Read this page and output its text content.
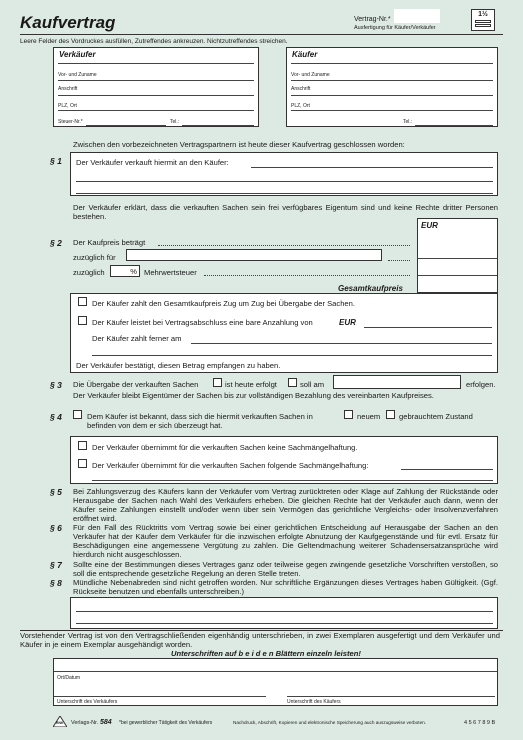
Kaufvertrag	Vertrag-Nr.*
Ausfertigung für Käufer/Verkäufer
1½
Leere Felder des Vordruckes ausfüllen, Zutreffendes ankreuzen. Nichtzutreffendes streichen.
Verkäufer
Vor- und Zuname
Anschrift
PLZ, Ort
Steuer-Nr.*	Tel.:
Käufer
Vor- und Zuname
Anschrift
PLZ, Ort
Tel.:
Zwischen den vorbezeichneten Vertragspartnern ist heute dieser Kaufvertrag geschlossen worden:
§ 1 Der Verkäufer verkauft hiermit an den Käufer:
Der Verkäufer erklärt, dass die verkauften Sachen sein frei verfügbares Eigentum sind und keine Rechte dritter Personen bestehen.
EUR
§ 2 Der Kaufpreis beträgt
zuzüglich für
zuzüglich	% Mehrwertsteuer
Gesamtkaufpreis
Der Käufer zahlt den Gesamtkaufpreis Zug um Zug bei Übergabe der Sachen.
Der Käufer leistet bei Vertragsabschluss eine bare Anzahlung von	EUR
Der Käufer zahlt ferner am
Der Verkäufer bestätigt, diesen Betrag empfangen zu haben.
§ 3 Die Übergabe der verkauften Sachen	ist heute erfolgt	soll am	erfolgen.
Der Verkäufer bleibt Eigentümer der Sachen bis zur vollständigen Bezahlung des vereinbarten Kaufpreises.
§ 4	Dem Käufer ist bekannt, dass sich die hiermit verkauften Sachen in	neuem gebrauchtem Zustand
befinden von dem er sich überzeugt hat.
Der Verkäufer übernimmt für die verkauften Sachen keine Sachmängelhaftung.
Der Verkäufer übernimmt für die verkauften Sachen folgende Sachmängelhaftung:
§ 5 Bei Zahlungsverzug des Käufers kann der Verkäufer vom Vertrag zurücktreten oder Klage auf Zahlung der Rückstände oder Herausgabe der Sachen nach Wahl des Verkäufers erheben. Die gleichen Rechte hat der Verkäufer auch dann, wenn der Käufer seine Zahlungen einstellt und/oder wenn über sein Vermögen das gerichtliche Vergleichs- oder Insolvenzverfahren eröffnet wird.
§ 6 Für den Fall des Rücktritts vom Vertrag sowie bei einer gerichtlichen Entscheidung auf Herausgabe der Sachen an den Verkäufer hat der Käufer dem Verkäufer für die inzwischen erfolgte Abnutzung der Kaufgegenstände und für evtl. Ersatz für Beschädigungen eine angemessene Vergütung zu zahlen. Die Geltendmachung weiterer Schadensersatzansprüche wird hierdurch nicht ausgeschlossen.
§ 7 Sollte eine der Bestimmungen dieses Vertrages ganz oder teilweise gegen zwingende gesetzliche Vorschriften verstoßen, so soll die entsprechende gesetzliche Regelung an deren Stelle treten.
§ 8 Mündliche Nebenabreden sind nicht getroffen worden. Nur schriftliche Ergänzungen dieses Vertrages haben Gültigkeit. (Ggf. Rückseite benutzen und ebenfalls unterschreiben.)
Vorstehender Vertrag ist von den Vertragschließenden eigenhändig unterschrieben, in zwei Exemplaren ausgefertigt und dem Verkäufer und Käufer in je einem Exemplar ausgehändigt worden.
Unterschriften auf b e i d e n Blättern einzeln leisten!
Ort/Datum
Unterschrift des Verkäufers	Unterschrift des Käufers
RNK Verlags-Nr. 584 *bei gewerblicher Tätigkeit des Verkäufers	Nachdruck, Abschrift, Kopieren und elektronische Speicherung auch auszugsweise verboten.	4 5 6 7 8 9 B
